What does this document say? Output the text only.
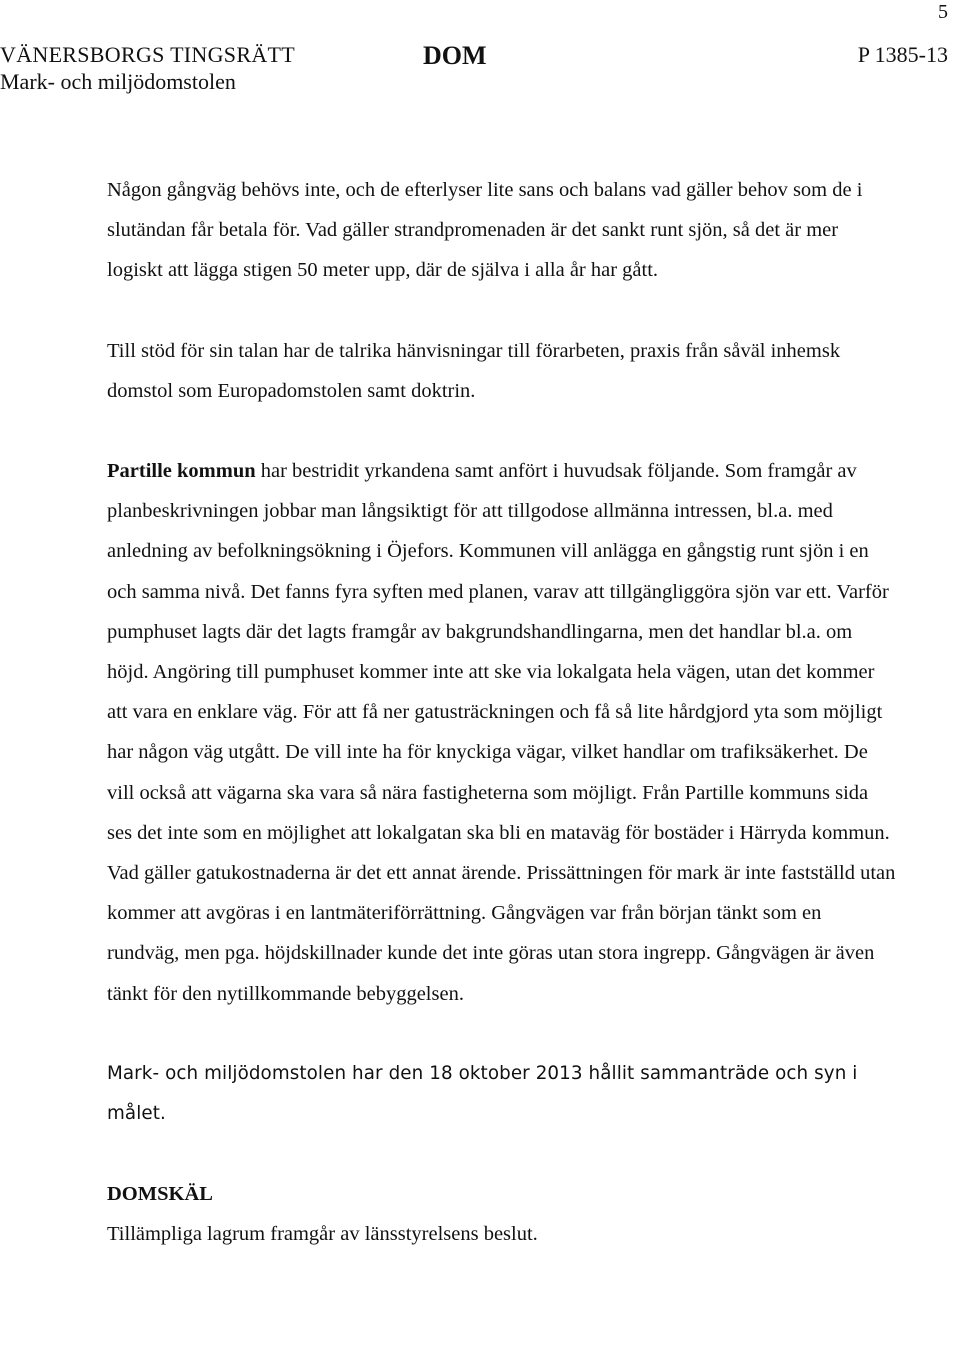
5
VÄNERSBORGS TINGSRÄTT
Mark- och miljödomstolen
DOM	P 1385-13

Någon gångväg behövs inte, och de efterlyser lite sans och balans vad gäller behov som de i slutändan får betala för. Vad gäller strandpromenaden är det sankt runt sjön, så det är mer logiskt att lägga stigen 50 meter upp, där de själva i alla år har gått.

Till stöd för sin talan har de talrika hänvisningar till förarbeten, praxis från såväl inhemsk domstol som Europadomstolen samt doktrin.

Partille kommun har bestridit yrkandena samt anfört i huvudsak följande. Som framgår av planbeskrivningen jobbar man långsiktigt för att tillgodose allmänna intressen, bl.a. med anledning av befolkningsökning i Öjefors. Kommunen vill anlägga en gångstig runt sjön i en och samma nivå. Det fanns fyra syften med planen, varav att tillgängliggöra sjön var ett. Varför pumphuset lagts där det lagts framgår av bakgrundshandlingarna, men det handlar bl.a. om höjd. Angöring till pumphuset kommer inte att ske via lokalgata hela vägen, utan det kommer att vara en enklare väg. För att få ner gatusträckningen och få så lite hårdgjord yta som möjligt har någon väg utgått. De vill inte ha för knyckiga vägar, vilket handlar om trafiksäkerhet. De vill också att vägarna ska vara så nära fastigheterna som möjligt. Från Partille kommuns sida ses det inte som en möjlighet att lokalgatan ska bli en mataväg för bostäder i Härryda kommun. Vad gäller gatukostnaderna är det ett annat ärende. Prissättningen för mark är inte fastställd utan kommer att avgöras i en lantmäteriförrättning. Gångvägen var från början tänkt som en rundväg, men pga. höjdskillnader kunde det inte göras utan stora ingrepp. Gångvägen är även tänkt för den nytillkommande bebyggelsen.

Mark- och miljödomstolen har den 18 oktober 2013 hållit sammanträde och syn i målet.

DOMSKÄL

Tillämpliga lagrum framgår av länsstyrelsens beslut.
